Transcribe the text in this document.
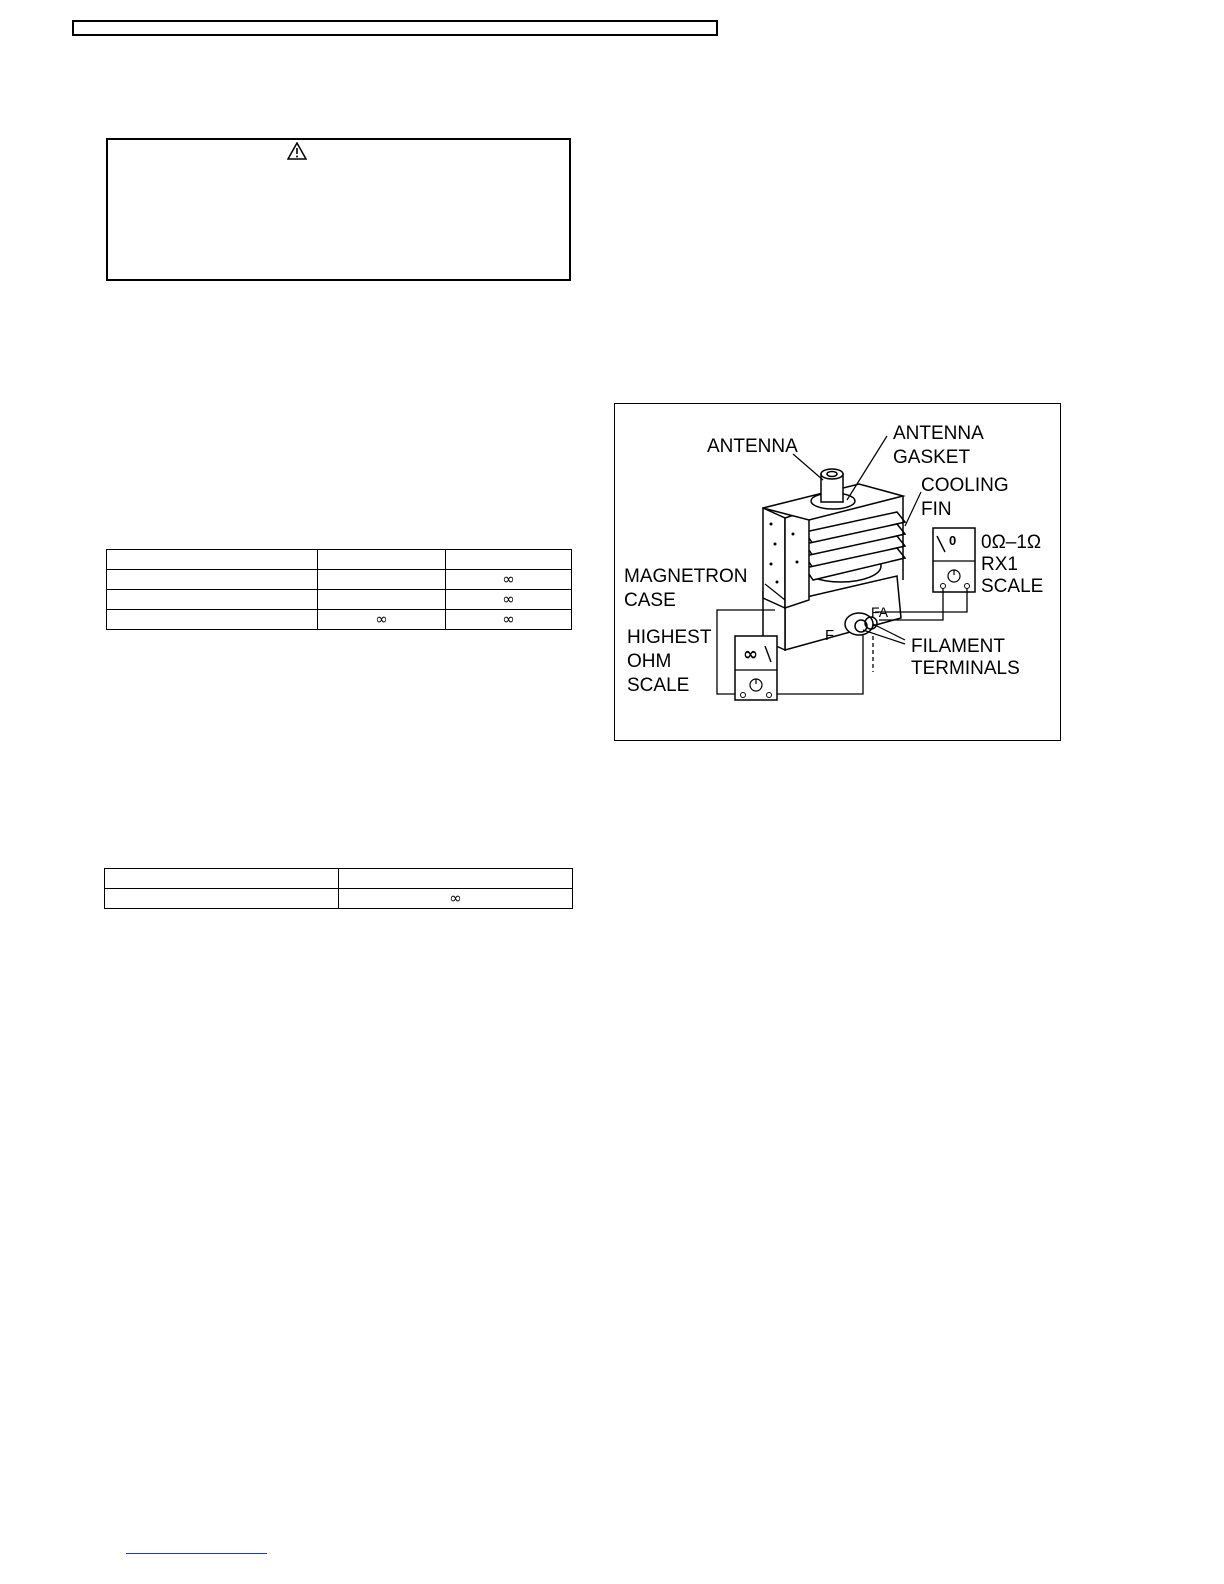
		∞
		∞
	∞	∞

	∞
0
∞
ANTENNA
ANTENNA
GASKET
COOLING
FIN
0Ω–1Ω
RX1
SCALE
MAGNETRON
CASE
HIGHEST
OHM
SCALE
FILAMENT
TERMINALS
F
FA
